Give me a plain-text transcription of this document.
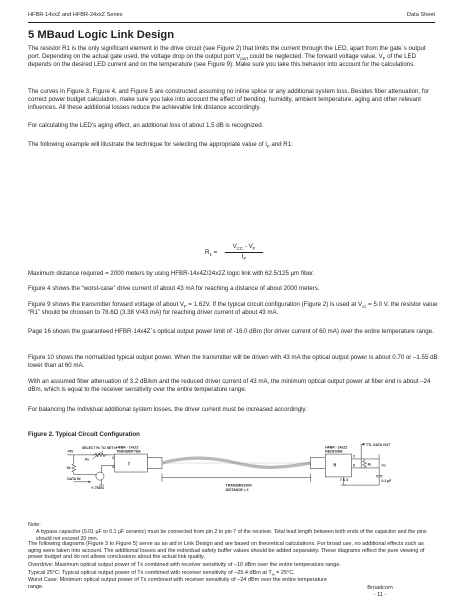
HFBR-14xxZ and HFBR-24xxZ Series	Data Sheet
5 MBaud Logic Link Design

The resistor R1 is the only significant element in the drive circuit (see Figure 2) that limits the current through the LED, apart from the gate`s output port. Depending on the actual gate used, the voltage drop on the output port $V_{port}$ could be neglected. The forward voltage value, $V_F$ of the LED depends on the desired LED current and on the temperature (see Figure 9). Make sure you take this behavior into account for the calculations.

The curves in Figure 3, Figure 4, and Figure 5 are constructed assuming no inline splice or any additional system loss. Besides fiber attenuation, for correct power budget calculation, make sure you take into account the effect of bending, humidity, ambient temperature, aging and other relevant influences. All these additional losses reduce the achievable link distance accordingly.

For calculating the LED’s aging effect, an additional loss of about 1.5 dB is recognized.

The following example will illustrate the technique for selecting the appropriate value of $I_F$ and R1:

$R_1$ =
$V_{CC} - V_F$
$I_F$

Maximum distance required = 2000 meters by using HFBR-14x4Z/24x2Z logic link with 62.5/125 µm fiber.

Figure 4 shows the “worst-case” drive current of about 43 mA for reaching a distance of about 2000 meters.

Figure 9 shows the transmitter forward voltage of about $V_F = 1.62V$. If the typical circuit configuration (Figure 2) is used at $V_{cc} = 5.0$ V, the resistor value “R1” should be choosen to 78.6Ω (3.38 V/43 mA) for reaching driver current of about 43 mA.

Page 16 shows the guaranteed HFBR-14x4Z`s optical output power limit of -16.0 dBm (for driver current of 60 mA) over the entire temperature range.

Figure 10 shows the normalized typical output power. When the transmitter will be driven with 43 mA the optical output power is about 0.70 or –1.55 dB lower than at 60 mA.

With an assumed fiber attenuation of 3.2 dB/km and the reduced driver current of 43 mA, the minimum optical output power at fiber end is about –24 dBm, which is equal to the receiver sensitivity over the entire temperature range.

For balancing the individual additional system losses, the driver current must be increased accordingly.

Figure 2. Typical Circuit Configuration
+5V
SELECT R1 TO SET IF
R1
1K
DATA IN
½ 75451
HFBR - 14x2Z
TRANSMITTER
T
2
3
TRANSMISSION
DISTANCE = ℓ
HFBR - 24x2Z
RECEIVER
R
2
6
7 & 3
TTL DATA OUT
RL VO
0.1 µF

Note:

A bypass capacitor (0.01 µF to 0.1 µF ceramic) must be connected from pin 2 to pin 7 of the receiver. Total lead length between both ends of the capacitor and the pins should not exceed 20 mm.

Broadcom
- 11 -

The following diagrams (Figure 3 to Figure 5) serve as an aid in Link Design and are based on theoretical calculations. For broad use, no additional effects such as aging were taken into account. The additional losses and the individual safety buffer values should be added separately. These diagrams reflect the pure viewing of power budget and do not allows conclusions about the actual link quality.

Overdrive: Maximum optical output power of Tx combined with receiver sensitivity of –10 dBm over the entire temperature range.

Typical 25°C: Typical optical output power of Tx combined with receiver sensitivity of –25.4 dBm at $T_A = 25^\circ C$.

Worst Case: Minimum optical output power of Tx combined with receiver sensitivity of –24 dBm over the entire temperature range.
